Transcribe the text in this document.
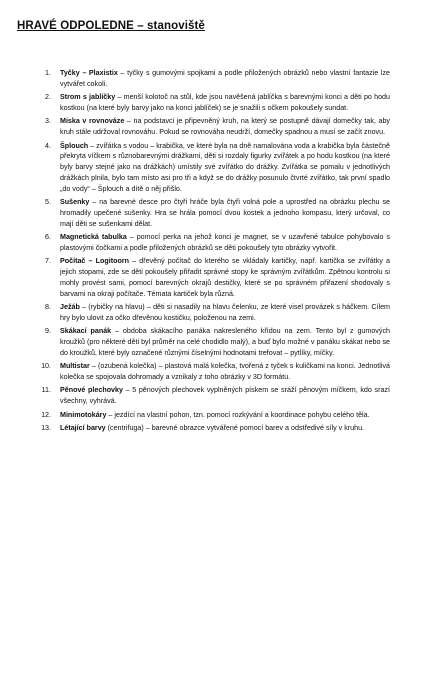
HRAVÉ ODPOLEDNE – stanoviště
1. Tyčky – Plaxistix – tyčky s gumovými spojkami a podle přiložených obrázků nebo vlastní fantazie lze vytvářet cokoli.
2. Strom s jablíčky – menší kolotoč na stůl, kde jsou navěšená jablíčka s barevnými konci a děti po hodu kostkou (na které byly barvy jako na konci jablíček) se je snažili s očkem pokoušely sundat.
3. Miska v rovnováze – na podstavci je připevněný kruh, na který se postupně dávají domečky tak, aby kruh stále udržoval rovnováhu. Pokud se rovnováha neudrží, domečky spadnou a musí se začít znovu.
4. Šplouch – zvířátka s vodou – krabička, ve které byla na dně namalována voda a krabička byla částečně překryta víčkem s různobarevnými drážkami, děti si rozdaly figurky zvířátek a po hodu kostkou (na které byly barvy stejné jako na drážkách) umístily své zvířátko do drážky. Zvířátka se pomalu v jednotlivých drážkách plnila, bylo tam místo asi pro tři a když se do drážky posunulo čtvrté zvířátko, tak první spadlo „do vody“ – Šplouch a dítě o něj přišlo.
5. Sušenky – na barevné desce pro čtyři hráče byla čtyři volná pole a uprostřed na obrázku plechu se hromadily upečené sušenky. Hra se hrála pomocí dvou kostek a jednoho kompasu, který určoval, co mají děti se sušenkami dělat.
6. Magnetická tabulka – pomocí perka na jehož konci je magnet, se v uzavřené tabulce pohybovalo s plastovými čočkami a podle přiložených obrázků se děti pokoušely tyto obrázky vytvořit.
7. Počítač – Logitoorn – dřevěný počítač do kterého se vkládaly kartičky, např. kartička se zvířátky a jejich stopami, zde se děti pokoušely přiřadit správné stopy ke správným zvířátkům. Zpětnou kontrolu si mohly provést sami, pomocí barevných okrajů destičky, které se po správném přiřazení shodovaly s barvami na okraji počítače. Témata kartiček byla různá.
8. Ježáb – (rybičky na hlavu) – děti si nasadily na hlavu čelenku, ze které visel provázek s háčkem. Cílem hry bylo ulovit za očko dřevěnou kostičku, položenou na zemi.
9. Skákací panák – obdoba skákacího panáka nakresleného křídou na zem. Tento byl z gumových kroužků (pro některé děti byl průměr na celé chodidlo malý), a buď bylo možné v panáku skákat nebo se do kroužků, které byly označené různými číselnými hodnotami trefovat – pytlíky, míčky.
10. Multistar – (ozubená kolečka) – plastová malá kolečka, tvořená z tyček s kuličkami na konci. Jednotlivá kolečka se spojovala dohromady a vznikaly z toho obrázky v 3D formátu.
11. Pěnové plechovky – 5 pěnových plechovek vyplněných pískem se sráží pěnovým míčkem, kdo srazí všechny, vyhrává.
12. Minimotokáry – jezdící na vlastní pohon, tzn. pomocí rozkývání a koordinace pohybu celého těla.
13. Létající barvy (centrifuga) – barevné obrazce vytvářené pomocí barev a odstředivé síly v kruhu.
